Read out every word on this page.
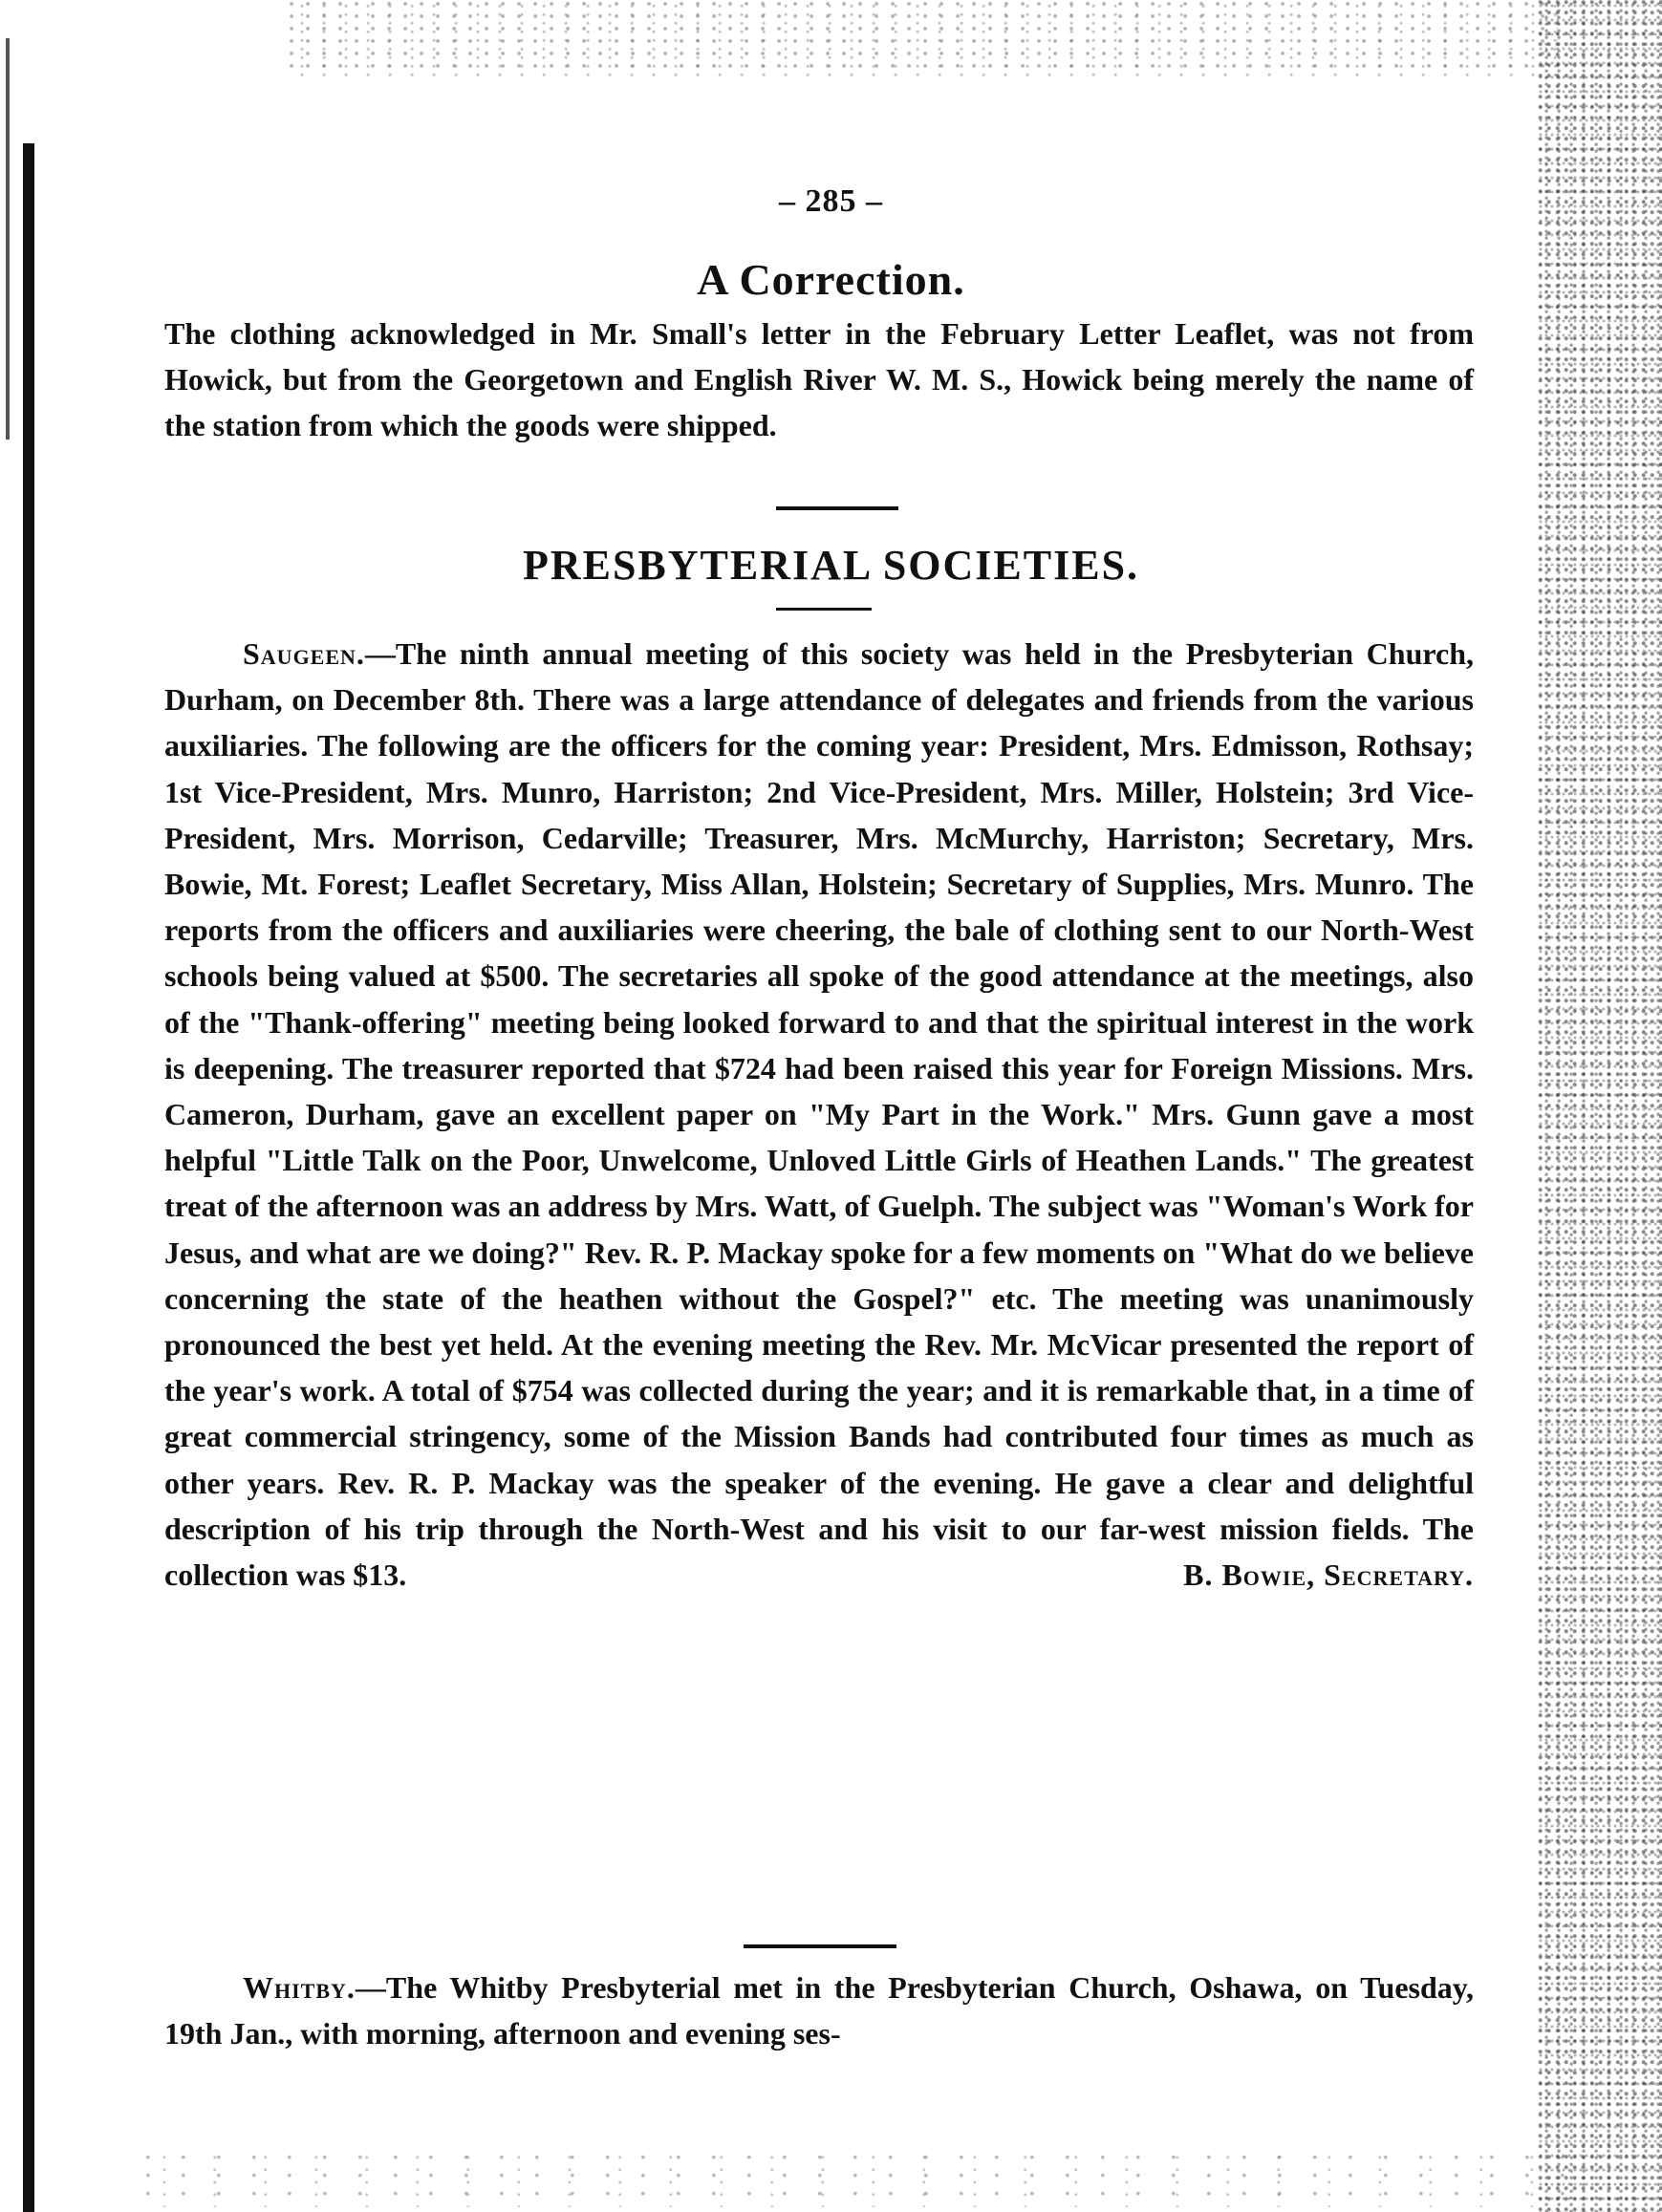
– 285 –
A Correction.
The clothing acknowledged in Mr. Small's letter in the February Letter Leaflet, was not from Howick, but from the Georgetown and English River W. M. S., Howick being merely the name of the station from which the goods were shipped.
PRESBYTERIAL SOCIETIES.
Saugeen.—The ninth annual meeting of this society was held in the Presbyterian Church, Durham, on December 8th. There was a large attendance of delegates and friends from the various auxiliaries. The following are the officers for the coming year: President, Mrs. Edmisson, Rothsay; 1st Vice-President, Mrs. Munro, Harriston; 2nd Vice-President, Mrs. Miller, Holstein; 3rd Vice-President, Mrs. Morrison, Cedarville; Treasurer, Mrs. McMurchy, Harriston; Secretary, Mrs. Bowie, Mt. Forest; Leaflet Secretary, Miss Allan, Holstein; Secretary of Supplies, Mrs. Munro. The reports from the officers and auxiliaries were cheering, the bale of clothing sent to our North-West schools being valued at $500. The secretaries all spoke of the good attendance at the meetings, also of the "Thank-offering" meeting being looked forward to and that the spiritual interest in the work is deepening. The treasurer reported that $724 had been raised this year for Foreign Missions. Mrs. Cameron, Durham, gave an excellent paper on "My Part in the Work." Mrs. Gunn gave a most helpful "Little Talk on the Poor, Unwelcome, Unloved Little Girls of Heathen Lands." The greatest treat of the afternoon was an address by Mrs. Watt, of Guelph. The subject was "Woman's Work for Jesus, and what are we doing?" Rev. R. P. Mackay spoke for a few moments on "What do we believe concerning the state of the heathen without the Gospel?" etc. The meeting was unanimously pronounced the best yet held. At the evening meeting the Rev. Mr. McVicar presented the report of the year's work. A total of $754 was collected during the year; and it is remarkable that, in a time of great commercial stringency, some of the Mission Bands had contributed four times as much as other years. Rev. R. P. Mackay was the speaker of the evening. He gave a clear and delightful description of his trip through the North-West and his visit to our far-west mission fields. The collection was $13.	B. Bowie, Secretary.
Whitby.—The Whitby Presbyterial met in the Presbyterian Church, Oshawa, on Tuesday, 19th Jan., with morning, afternoon and evening ses-
